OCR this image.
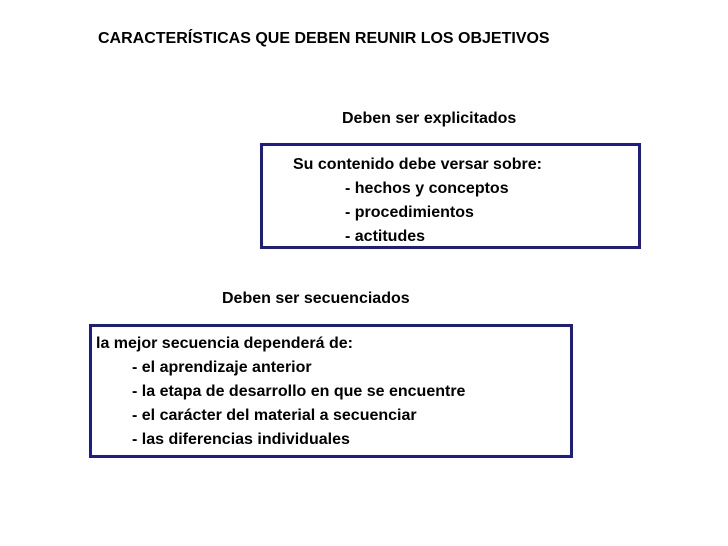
CARACTERÍSTICAS QUE DEBEN REUNIR LOS OBJETIVOS
Deben ser explicitados
Su contenido debe versar sobre:
- hechos y conceptos
- procedimientos
- actitudes
Deben ser secuenciados
la mejor secuencia dependerá de:
- el aprendizaje anterior
- la etapa de desarrollo en que se encuentre
- el carácter del material a secuenciar
- las diferencias individuales
